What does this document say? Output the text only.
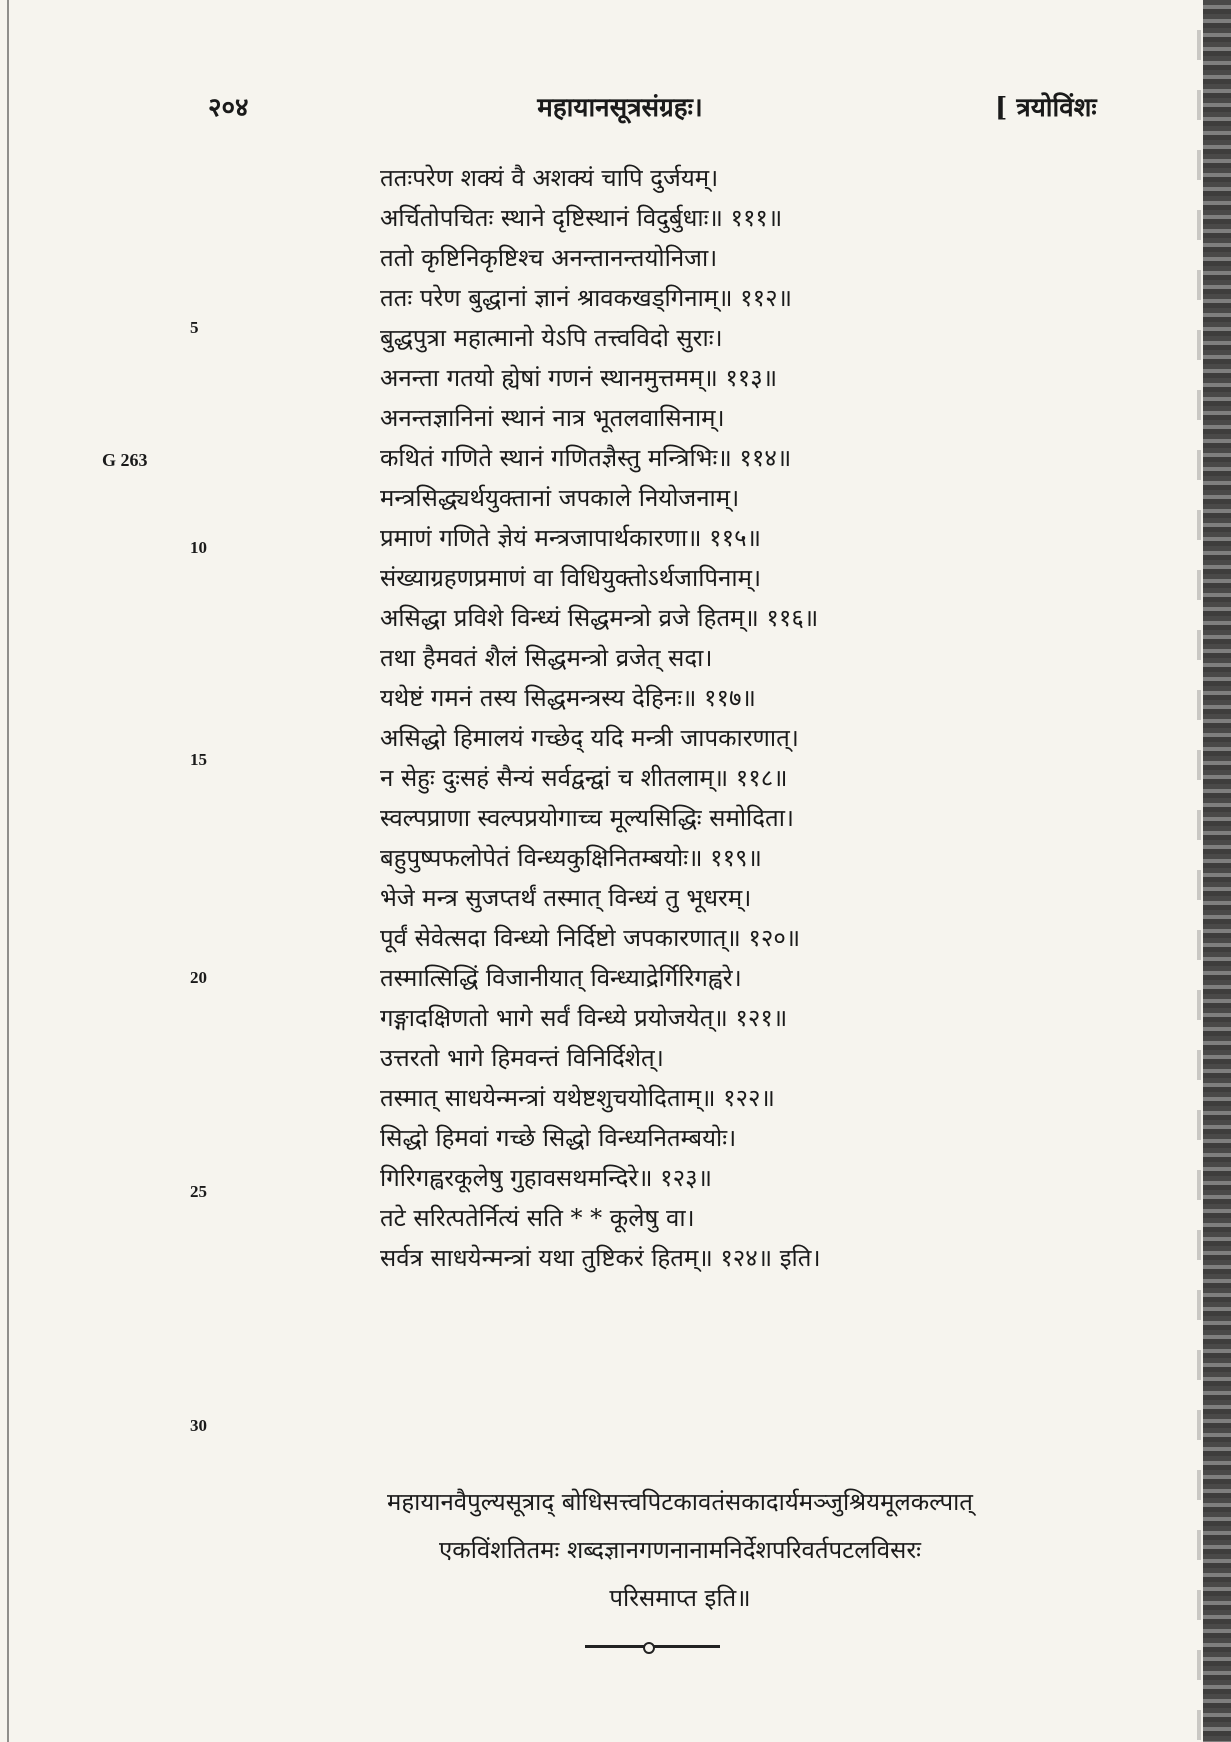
२०४	महायानसूत्रसंग्रहः।	[ त्रयोविंशः
G 263
5
10
15
20
25
30
ततःपरेण शक्यं वै अशक्यं चापि दुर्जयम्।
अर्चितोपचितः स्थाने दृष्टिस्थानं विदुर्बुधाः॥ १११॥
ततो कृष्टिनिकृष्टिश्च अनन्तानन्तयोनिजा।
ततः परेण बुद्धानां ज्ञानं श्रावकखड्गिनाम्॥ ११२॥
बुद्धपुत्रा महात्मानो येऽपि तत्त्वविदो सुराः।
अनन्ता गतयो ह्येषां गणनं स्थानमुत्तमम्॥ ११३॥
अनन्तज्ञानिनां स्थानं नात्र भूतलवासिनाम्।
कथितं गणिते स्थानं गणितज्ञैस्तु मन्त्रिभिः॥ ११४॥
मन्त्रसिद्ध्यर्थयुक्तानां जपकाले नियोजनाम्।
प्रमाणं गणिते ज्ञेयं मन्त्रजापार्थकारणा॥ ११५॥
संख्याग्रहणप्रमाणं वा विधियुक्तोऽर्थजापिनाम्।
असिद्धा प्रविशे विन्ध्यं सिद्धमन्त्रो व्रजे हितम्॥ ११६॥
तथा हैमवतं शैलं सिद्धमन्त्रो व्रजेत् सदा।
यथेष्टं गमनं तस्य सिद्धमन्त्रस्य देहिनः॥ ११७॥
असिद्धो हिमालयं गच्छेद् यदि मन्त्री जापकारणात्।
न सेहुः दुःसहं सैन्यं सर्वद्वन्द्वां च शीतलाम्॥ ११८॥
स्वल्पप्राणा स्वल्पप्रयोगाच्च मूल्यसिद्धिः समोदिता।
बहुपुष्पफलोपेतं विन्ध्यकुक्षिनितम्बयोः॥ ११९॥
भेजे मन्त्र सुजप्तर्थं तस्मात् विन्ध्यं तु भूधरम्।
पूर्वं सेवेत्सदा विन्ध्यो निर्दिष्टो जपकारणात्॥ १२०॥
तस्मात्सिद्धिं विजानीयात् विन्ध्याद्रेर्गिरिगह्वरे।
गङ्गादक्षिणतो भागे सर्वं विन्ध्ये प्रयोजयेत्॥ १२१॥
उत्तरतो भागे हिमवन्तं विनिर्दिशेत्।
तस्मात् साधयेन्मन्त्रां यथेष्टशुचयोदिताम्॥ १२२॥
सिद्धो हिमवां गच्छे सिद्धो विन्ध्यनितम्बयोः।
गिरिगह्वरकूलेषु गुहावसथमन्दिरे॥ १२३॥
तटे सरित्पतेर्नित्यं सति * * कूलेषु वा।
सर्वत्र साधयेन्मन्त्रां यथा तुष्टिकरं हितम्॥ १२४॥ इति।
महायानवैपुल्यसूत्राद् बोधिसत्त्वपिटकावतंसकादार्यमञ्जुश्रियमूलकल्पात्
एकविंशतितमः शब्दज्ञानगणनानामनिर्देशपरिवर्तपटलविसरः
परिसमाप्त इति॥
